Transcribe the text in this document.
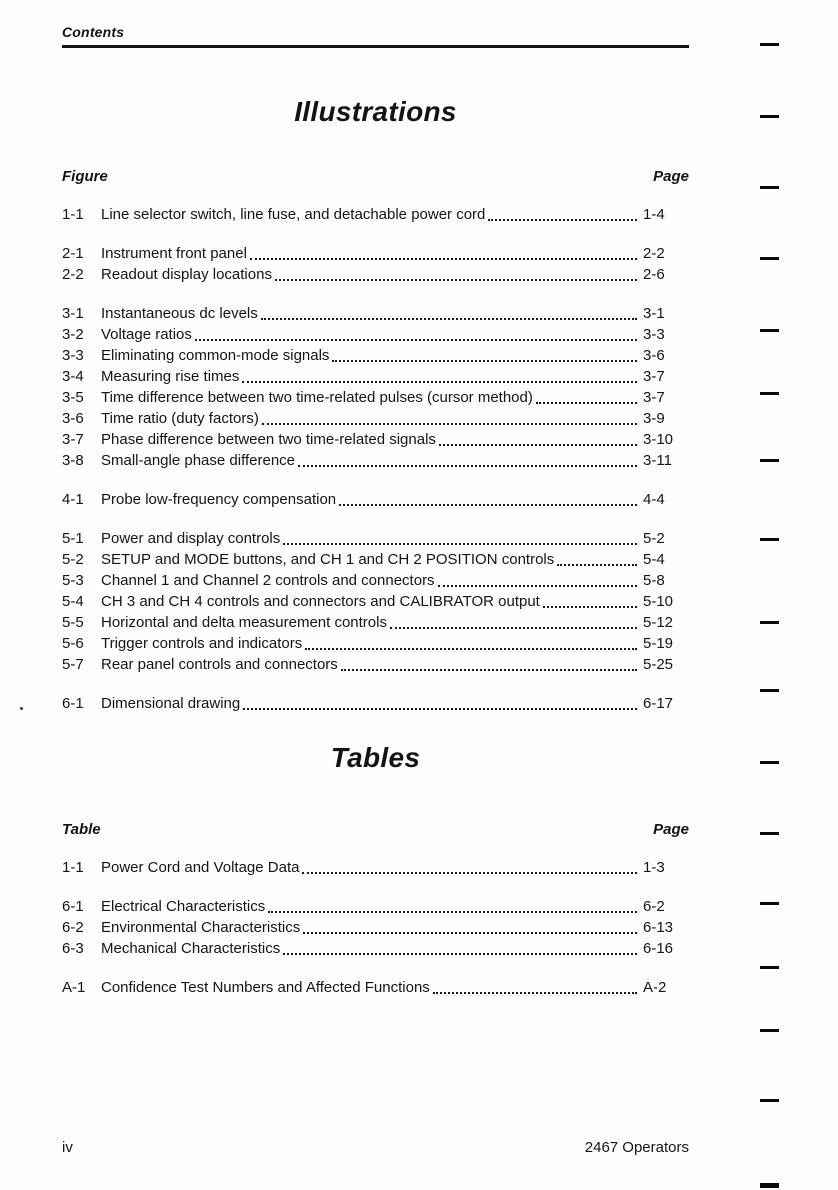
Contents
Illustrations
Figure	Page
1-1	Line selector switch, line fuse, and detachable power cord	1-4
2-1	Instrument front panel	2-2
2-2	Readout display locations	2-6
3-1	Instantaneous dc levels	3-1
3-2	Voltage ratios	3-3
3-3	Eliminating common-mode signals	3-6
3-4	Measuring rise times	3-7
3-5	Time difference between two time-related pulses (cursor method)	3-7
3-6	Time ratio (duty factors)	3-9
3-7	Phase difference between two time-related signals	3-10
3-8	Small-angle phase difference	3-11
4-1	Probe low-frequency compensation	4-4
5-1	Power and display controls	5-2
5-2	SETUP and MODE buttons, and CH 1 and CH 2 POSITION controls	5-4
5-3	Channel 1 and Channel 2 controls and connectors	5-8
5-4	CH 3 and CH 4 controls and connectors and CALIBRATOR output	5-10
5-5	Horizontal and delta measurement controls	5-12
5-6	Trigger controls and indicators	5-19
5-7	Rear panel controls and connectors	5-25
6-1	Dimensional drawing	6-17
Tables
Table	Page
1-1	Power Cord and Voltage Data	1-3
6-1	Electrical Characteristics	6-2
6-2	Environmental Characteristics	6-13
6-3	Mechanical Characteristics	6-16
A-1	Confidence Test Numbers and Affected Functions	A-2
iv	2467 Operators
